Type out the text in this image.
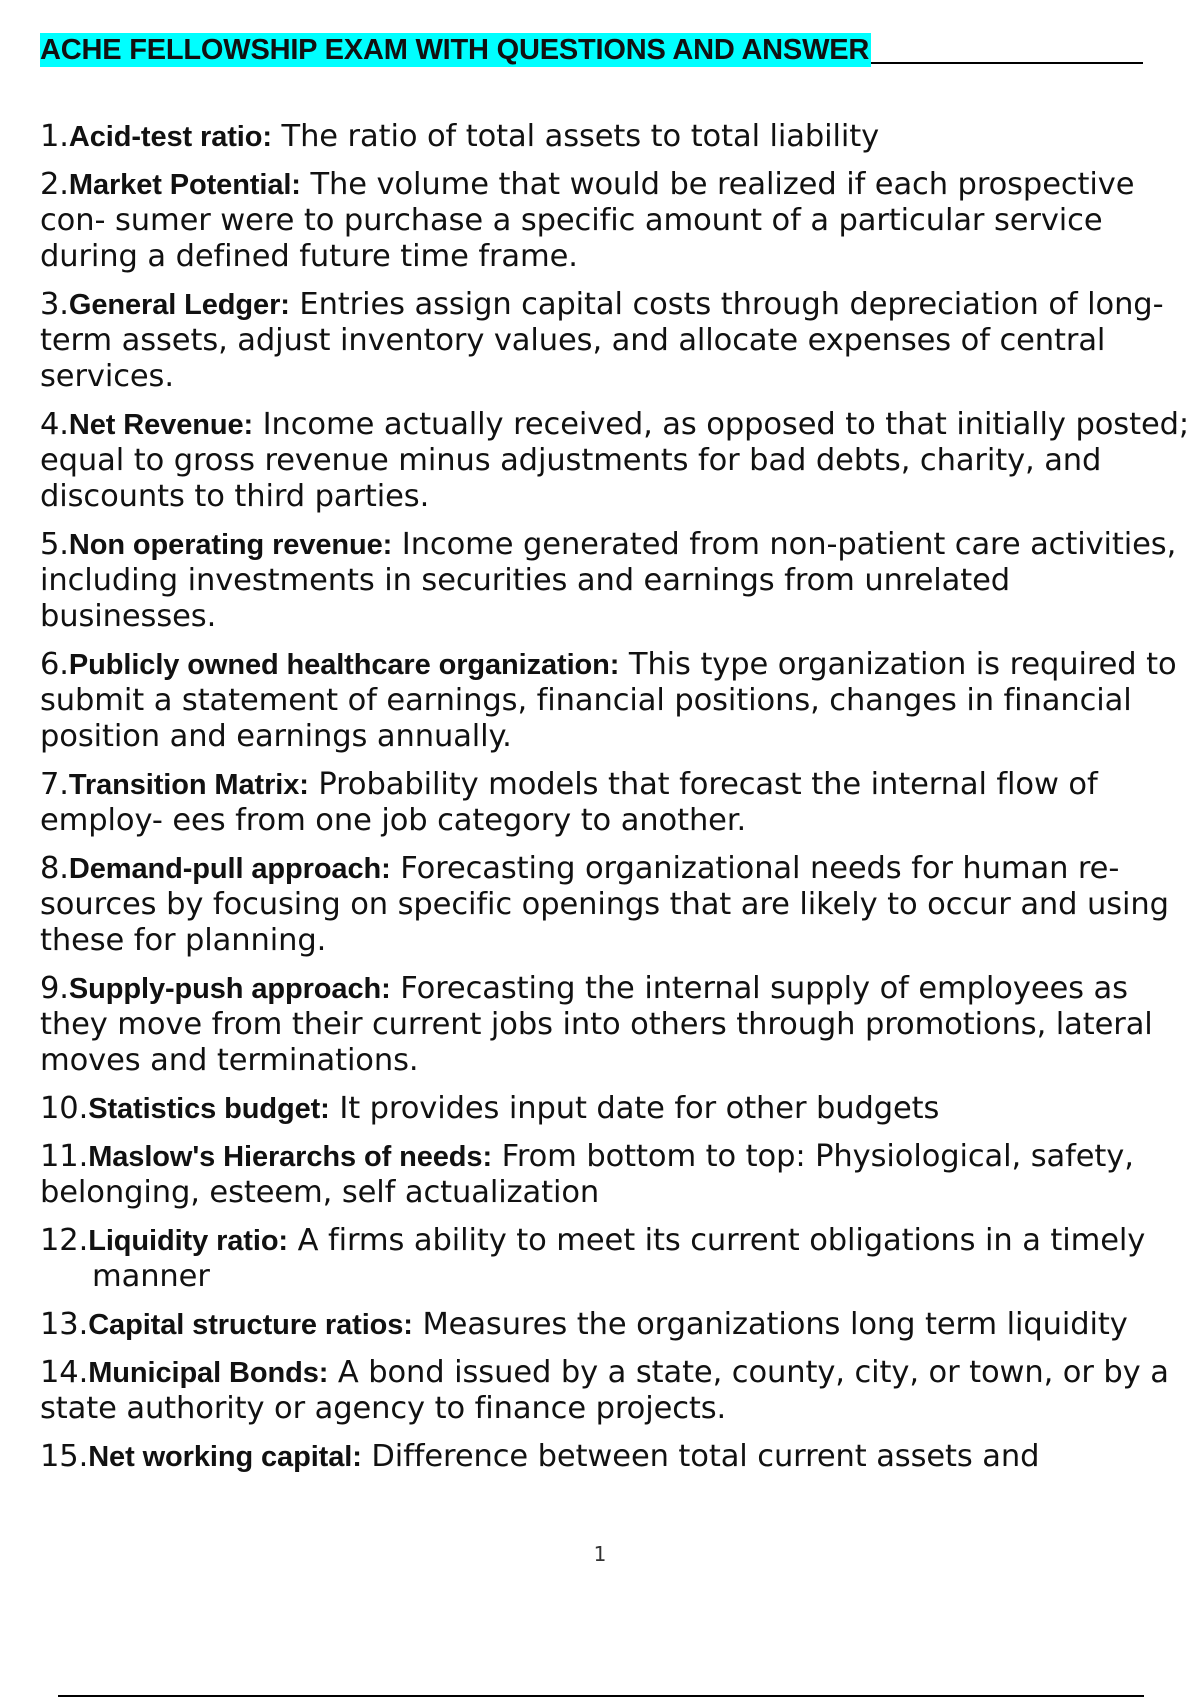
ACHE FELLOWSHIP EXAM WITH QUESTIONS AND ANSWER
1.Acid-test ratio: The ratio of total assets to total liability
2.Market Potential: The volume that would be realized if each prospective con- sumer were to purchase a specific amount of a particular service during a defined future time frame.
3.General Ledger: Entries assign capital costs through depreciation of long-term assets, adjust inventory values, and allocate expenses of central services.
4.Net Revenue: Income actually received, as opposed to that initially posted; equal to gross revenue minus adjustments for bad debts, charity, and discounts to third parties.
5.Non operating revenue: Income generated from non-patient care activities, including investments in securities and earnings from unrelated businesses.
6.Publicly owned healthcare organization: This type organization is required to submit a statement of earnings, financial positions, changes in financial position and earnings annually.
7.Transition Matrix: Probability models that forecast the internal flow of employ- ees from one job category to another.
8.Demand-pull approach: Forecasting organizational needs for human re- sources by focusing on specific openings that are likely to occur and using these for planning.
9.Supply-push approach: Forecasting the internal supply of employees as they move from their current jobs into others through promotions, lateral moves and terminations.
10.Statistics budget: It provides input date for other budgets
11.Maslow's Hierarchs of needs: From bottom to top: Physiological, safety, belonging, esteem, self actualization
12.Liquidity ratio: A firms ability to meet its current obligations in a timely manner
13.Capital structure ratios: Measures the organizations long term liquidity
14.Municipal Bonds: A bond issued by a state, county, city, or town, or by a state authority or agency to finance projects.
15.Net working capital: Difference between total current assets and
1
